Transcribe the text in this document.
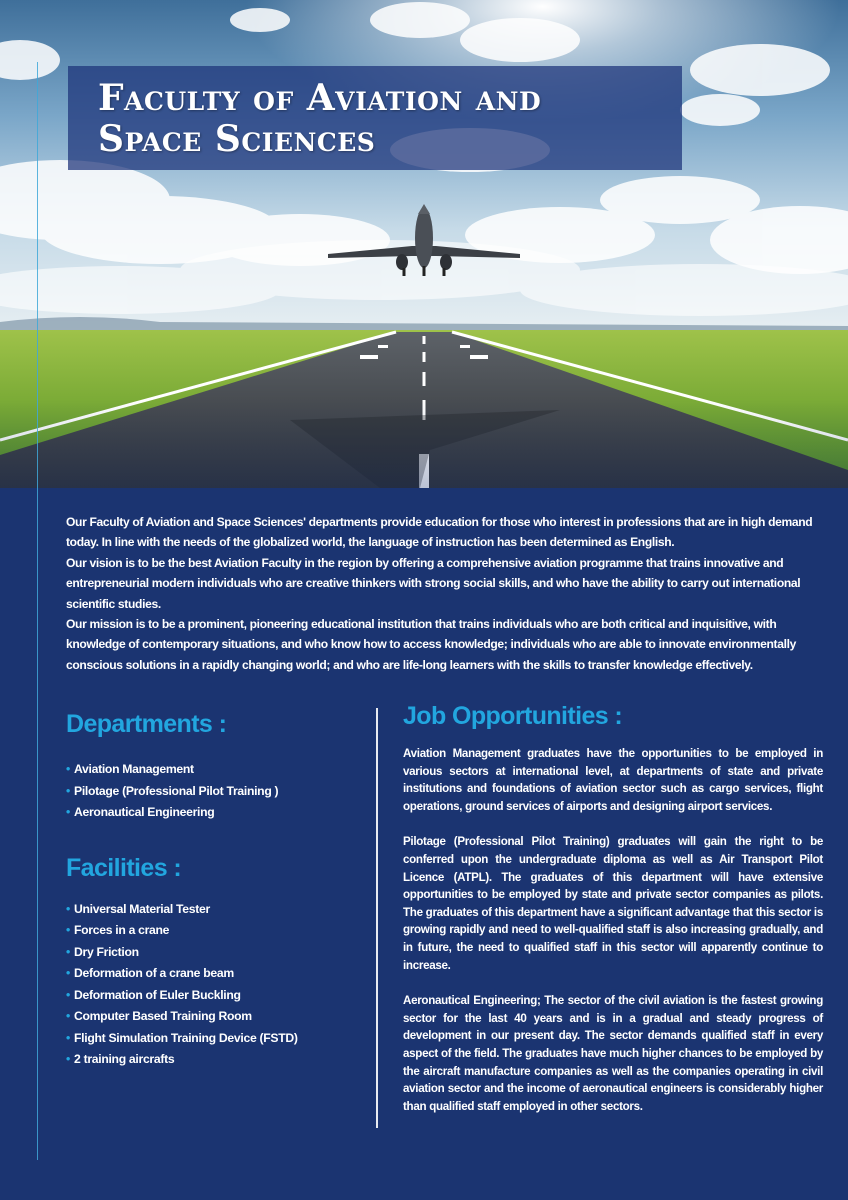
Faculty of Aviation and
Space Sciences

Our Faculty of Aviation and Space Sciences' departments provide education for those who interest in professions that are in high demand today. In line with the needs of the globalized world, the language of instruction has been determined as English.

Our vision is to be the best Aviation Faculty in the region by offering a comprehensive aviation programme that trains innovative and entrepreneurial modern individuals who are creative thinkers with strong social skills, and who have the ability to carry out international scientific studies.

Our mission is to be a prominent, pioneering educational institution that trains individuals who are both critical and inquisitive, with knowledge of contemporary situations, and who know how to access knowledge; individuals who are able to innovate environmentally conscious solutions in a rapidly changing world; and who are life-long learners with the skills to transfer knowledge effectively.

Departments :
• Aviation Management
• Pilotage (Professional Pilot Training )
• Aeronautical Engineering
Facilities :
• Universal Material Tester
• Forces in a crane
• Dry Friction
• Deformation of a crane beam
• Deformation of Euler Buckling
• Computer Based Training Room
• Flight Simulation Training Device (FSTD)
• 2 training aircrafts
Job Opportunities :

Aviation Management graduates have the opportunities to be employed in various sectors at international level, at departments of state and private institutions and foundations of aviation sector such as cargo services, flight operations, ground services of airports and designing airport services.

Pilotage (Professional Pilot Training) graduates will gain the right to be conferred upon the undergraduate diploma as well as Air Transport Pilot Licence (ATPL). The graduates of this department will have extensive opportunities to be employed by state and private sector companies as pilots. The graduates of this department have a significant advantage that this sector is growing rapidly and need to well-qualified staff is also increasing gradually, and in future, the need to qualified staff in this sector will apparently continue to increase.

Aeronautical Engineering; The sector of the civil aviation is the fastest growing sector for the last 40 years and is in a gradual and steady progress of development in our present day. The sector demands qualified staff in every aspect of the field. The graduates have much higher chances to be employed by the aircraft manufacture companies as well as the companies operating in civil aviation sector and the income of aeronautical engineers is considerably higher than qualified staff employed in other sectors.
